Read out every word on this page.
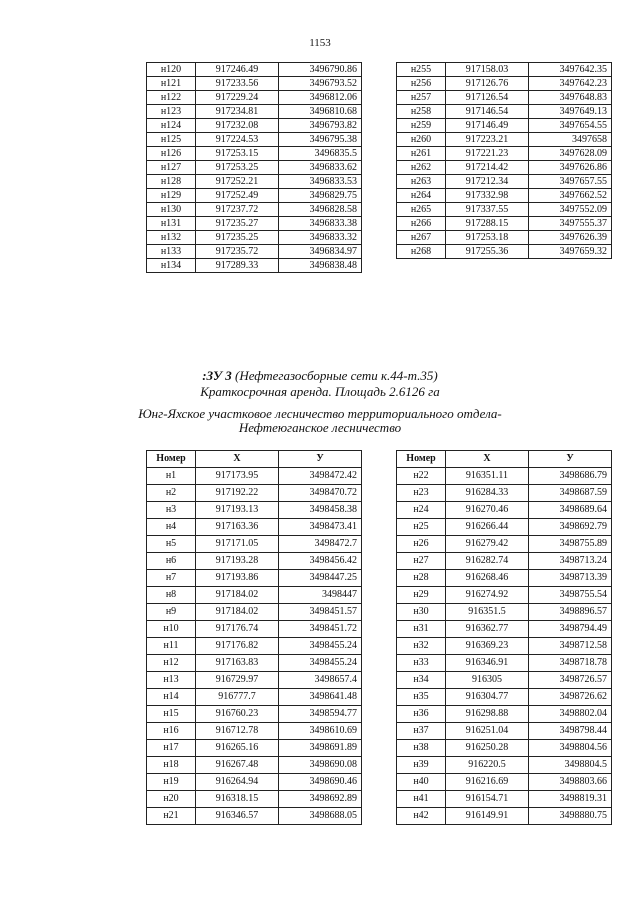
1153
н120	917246.49	3496790.86
н121	917233.56	3496793.52
н122	917229.24	3496812.06
н123	917234.81	3496810.68
н124	917232.08	3496793.82
н125	917224.53	3496795.38
н126	917253.15	3496835.5
н127	917253.25	3496833.62
н128	917252.21	3496833.53
н129	917252.49	3496829.75
н130	917237.72	3496828.58
н131	917235.27	3496833.38
н132	917235.25	3496833.32
н133	917235.72	3496834.97
н134	917289.33	3496838.48
н255	917158.03	3497642.35
н256	917126.76	3497642.23
н257	917126.54	3497648.83
н258	917146.54	3497649.13
н259	917146.49	3497654.55
н260	917223.21	3497658
н261	917221.23	3497628.09
н262	917214.42	3497626.86
н263	917212.34	3497657.55
н264	917332.98	3497662.52
н265	917337.55	3497552.09
н266	917288.15	3497555.37
н267	917253.18	3497626.39
н268	917255.36	3497659.32
:ЗУ 3 (Нефтегазосборные сети к.44-т.35)
Краткосрочная аренда. Площадь 2.6126 га
Юнг-Яхское участковое лесничество территориального отдела-
Нефтеюганское лесничество
Номер	X	У
н1	917173.95	3498472.42
н2	917192.22	3498470.72
н3	917193.13	3498458.38
н4	917163.36	3498473.41
н5	917171.05	3498472.7
н6	917193.28	3498456.42
н7	917193.86	3498447.25
н8	917184.02	3498447
н9	917184.02	3498451.57
н10	917176.74	3498451.72
н11	917176.82	3498455.24
н12	917163.83	3498455.24
н13	916729.97	3498657.4
н14	916777.7	3498641.48
н15	916760.23	3498594.77
н16	916712.78	3498610.69
н17	916265.16	3498691.89
н18	916267.48	3498690.08
н19	916264.94	3498690.46
н20	916318.15	3498692.89
н21	916346.57	3498688.05
Номер	X	У
н22	916351.11	3498686.79
н23	916284.33	3498687.59
н24	916270.46	3498689.64
н25	916266.44	3498692.79
н26	916279.42	3498755.89
н27	916282.74	3498713.24
н28	916268.46	3498713.39
н29	916274.92	3498755.54
н30	916351.5	3498896.57
н31	916362.77	3498794.49
н32	916369.23	3498712.58
н33	916346.91	3498718.78
н34	916305	3498726.57
н35	916304.77	3498726.62
н36	916298.88	3498802.04
н37	916251.04	3498798.44
н38	916250.28	3498804.56
н39	916220.5	3498804.5
н40	916216.69	3498803.66
н41	916154.71	3498819.31
н42	916149.91	3498880.75
